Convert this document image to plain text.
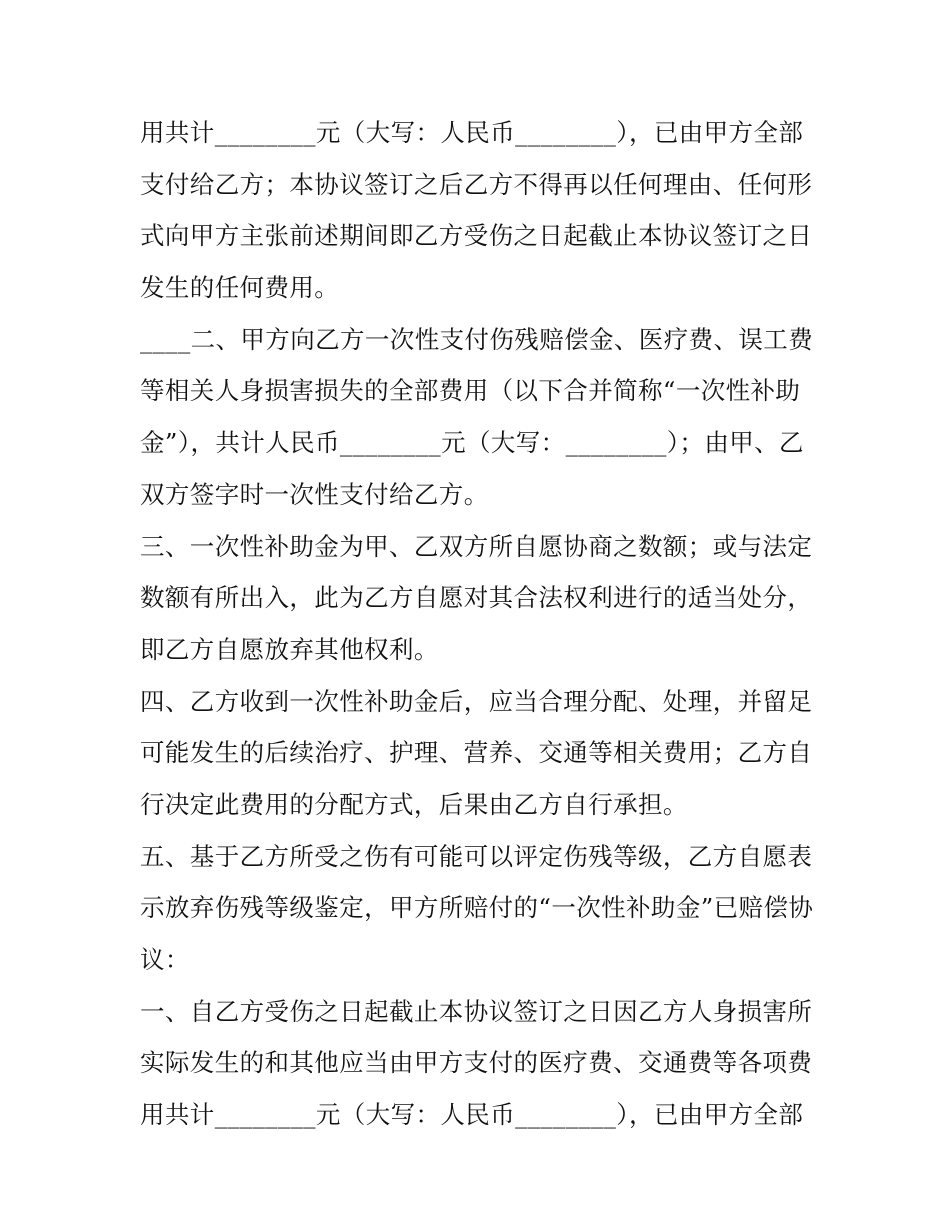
用共计________元（大写：人民币________），已由甲方全部
支付给乙方；本协议签订之后乙方不得再以任何理由、任何形
式向甲方主张前述期间即乙方受伤之日起截止本协议签订之日
发生的任何费用。
____二、甲方向乙方一次性支付伤残赔偿金、医疗费、误工费
等相关人身损害损失的全部费用（以下合并简称“一次性补助
金”），共计人民币________元（大写：________）；由甲、乙
双方签字时一次性支付给乙方。
三、一次性补助金为甲、乙双方所自愿协商之数额；或与法定
数额有所出入，此为乙方自愿对其合法权利进行的适当处分，
即乙方自愿放弃其他权利。
四、乙方收到一次性补助金后，应当合理分配、处理，并留足
可能发生的后续治疗、护理、营养、交通等相关费用；乙方自
行决定此费用的分配方式，后果由乙方自行承担。
五、基于乙方所受之伤有可能可以评定伤残等级，乙方自愿表
示放弃伤残等级鉴定，甲方所赔付的“一次性补助金”已赔偿协
议：
一、自乙方受伤之日起截止本协议签订之日因乙方人身损害所
实际发生的和其他应当由甲方支付的医疗费、交通费等各项费
用共计________元（大写：人民币________），已由甲方全部
